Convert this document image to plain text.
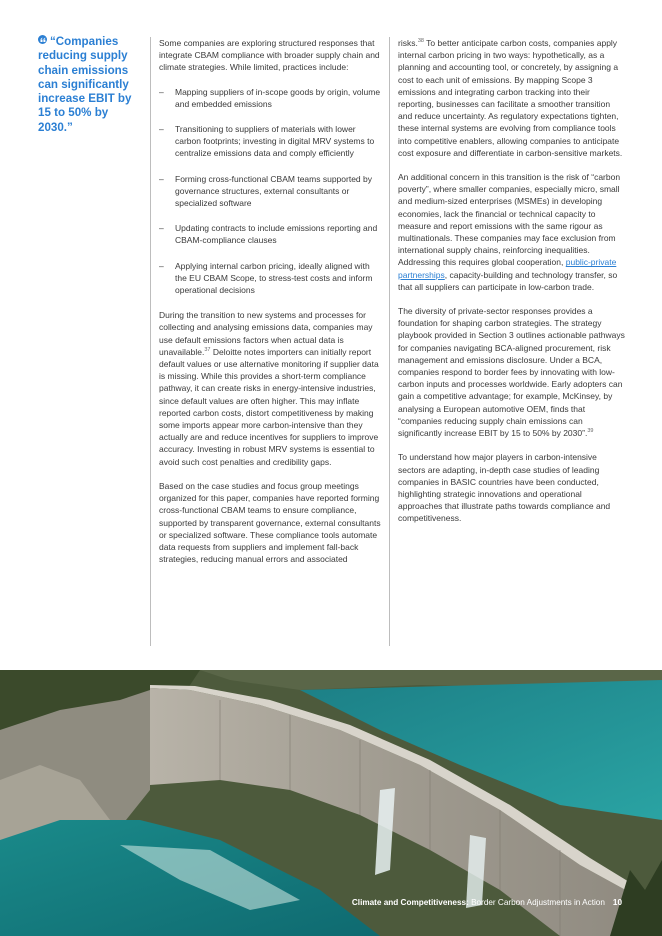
“Companies reducing supply chain emissions can significantly increase EBIT by 15 to 50% by 2030.”

Some companies are exploring structured responses that integrate CBAM compliance with broader supply chain and climate strategies. While limited, practices include:

– Mapping suppliers of in-scope goods by origin, volume and embedded emissions
– Transitioning to suppliers of materials with lower carbon footprints; investing in digital MRV systems to centralize emissions data and comply efficiently
– Forming cross-functional CBAM teams supported by governance structures, external consultants or specialized software
– Updating contracts to include emissions reporting and CBAM-compliance clauses
– Applying internal carbon pricing, ideally aligned with the EU CBAM Scope, to stress-test costs and inform operational decisions

During the transition to new systems and processes for collecting and analysing emissions data, companies may use default emissions factors when actual data is unavailable.$^{37}$ Deloitte notes importers can initially report default values or use alternative monitoring if supplier data is missing. While this provides a short-term compliance pathway, it can create risks in energy-intensive industries, since default values are often higher. This may inflate reported carbon costs, distort competitiveness by making some imports appear more carbon-intensive than they actually are and reduce incentives for suppliers to improve accuracy. Investing in robust MRV systems is essential to avoid such cost penalties and credibility gaps.

Based on the case studies and focus group meetings organized for this paper, companies have reported forming cross-functional CBAM teams to ensure compliance, supported by transparent governance, external consultants or specialized software. These compliance tools automate data requests from suppliers and implement fall-back strategies, reducing manual errors and associated

risks.$^{38}$ To better anticipate carbon costs, companies apply internal carbon pricing in two ways: hypothetically, as a planning and accounting tool, or concretely, by assigning a cost to each unit of emissions. By mapping Scope 3 emissions and integrating carbon tracking into their reporting, businesses can facilitate a smoother transition and reduce uncertainty. As regulatory expectations tighten, these internal systems are evolving from compliance tools into competitive enablers, allowing companies to anticipate cost exposure and differentiate in carbon-sensitive markets.

An additional concern in this transition is the risk of “carbon poverty”, where smaller companies, especially micro, small and medium-sized enterprises (MSMEs) in developing economies, lack the financial or technical capacity to measure and report emissions with the same rigour as multinationals. These companies may face exclusion from international supply chains, reinforcing inequalities. Addressing this requires global cooperation, public-private partnerships, capacity-building and technology transfer, so that all suppliers can participate in low-carbon trade.

The diversity of private-sector responses provides a foundation for shaping carbon strategies. The strategy playbook provided in Section 3 outlines actionable pathways for companies navigating BCA-aligned procurement, risk management and emissions disclosure. Under a BCA, companies respond to border fees by innovating with low-carbon inputs and processes worldwide. Early adopters can gain a competitive advantage; for example, McKinsey, by analysing a European automotive OEM, finds that “companies reducing supply chain emissions can significantly increase EBIT by 15 to 50% by 2030”.$^{39}$

To understand how major players in carbon-intensive sectors are adapting, in-depth case studies of leading companies in BASIC countries have been conducted, highlighting strategic innovations and operational approaches that illustrate paths towards compliance and competitiveness.

Climate and Competitiveness: Border Carbon Adjustments in Action 10
